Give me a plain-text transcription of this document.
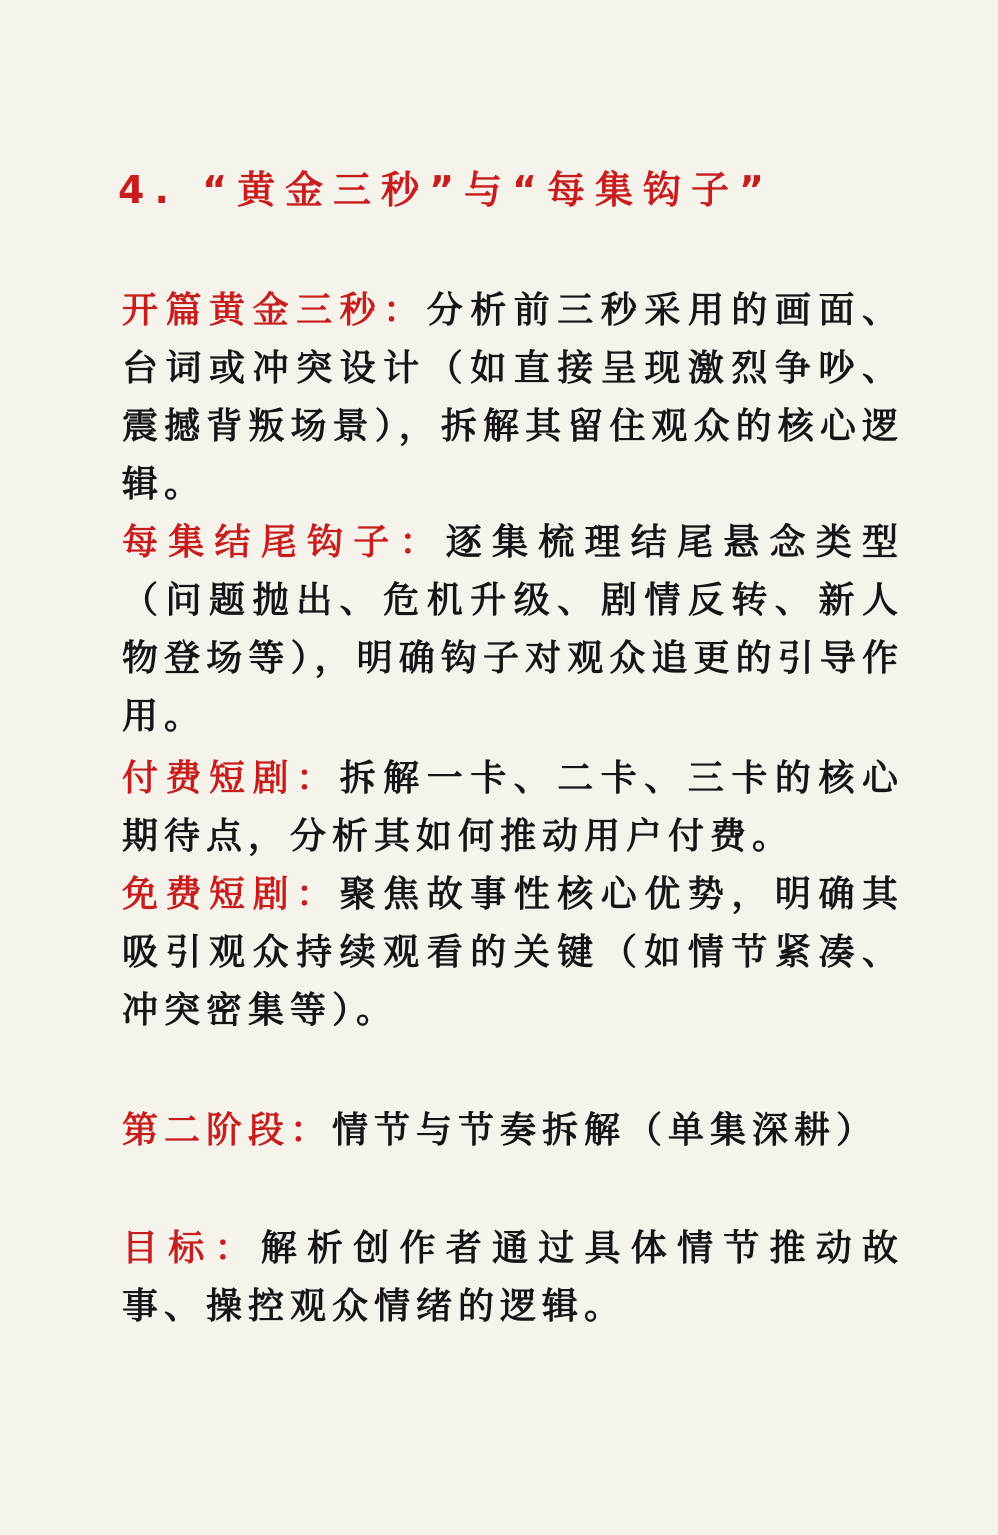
4. “黄金三秒”与“每集钩子”
开篇黄金三秒：分析前三秒采用的画面、台词或冲突设计（如直接呈现激烈争吵、震撼背叛场景），拆解其留住观众的核心逻辑。
每集结尾钩子：逐集梳理结尾悬念类型（问题抛出、危机升级、剧情反转、新人物登场等），明确钩子对观众追更的引导作用。
付费短剧：拆解一卡、二卡、三卡的核心期待点，分析其如何推动用户付费。
免费短剧：聚焦故事性核心优势，明确其吸引观众持续观看的关键（如情节紧凑、冲突密集等）。
第二阶段：情节与节奏拆解（单集深耕）
目标：解析创作者通过具体情节推动故事、操控观众情绪的逻辑。
